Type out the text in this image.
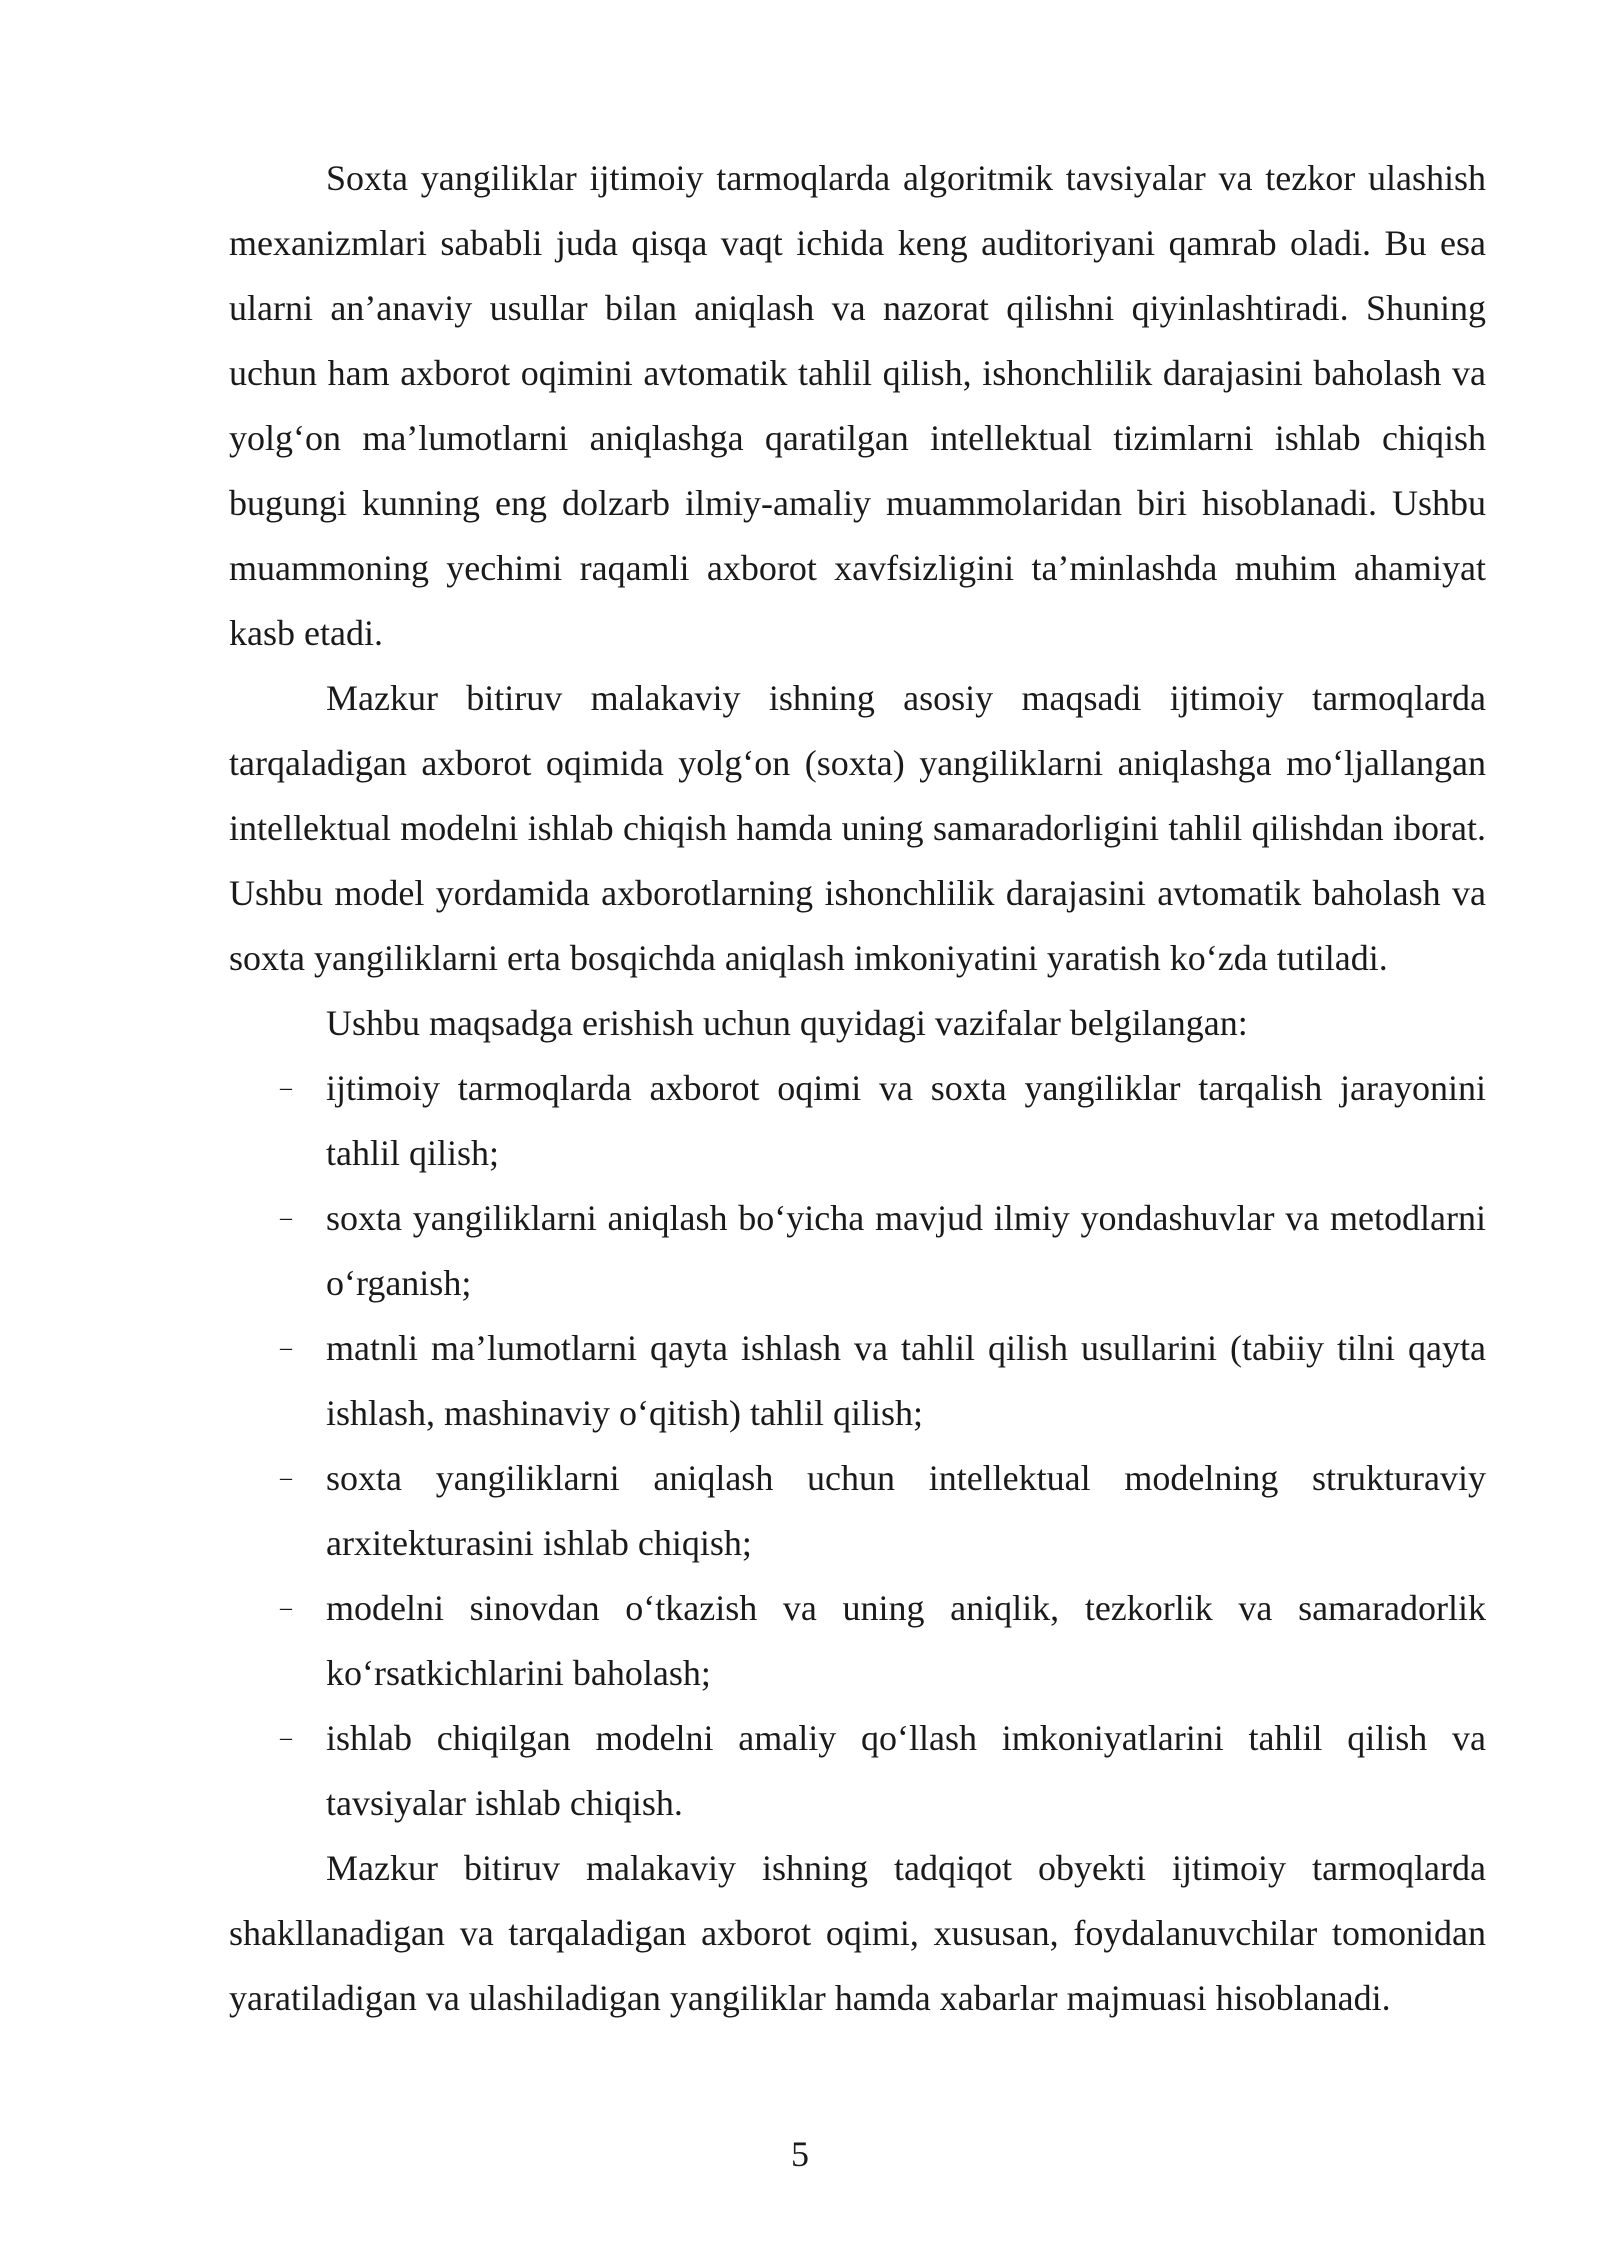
Soxta yangiliklar ijtimoiy tarmoqlarda algoritmik tavsiyalar va tezkor ulashish mexanizmlari sababli juda qisqa vaqt ichida keng auditoriyani qamrab oladi. Bu esa ularni an’anaviy usullar bilan aniqlash va nazorat qilishni qiyinlashtiradi. Shuning uchun ham axborot oqimini avtomatik tahlil qilish, ishonchlilik darajasini baholash va yolg‘on ma’lumotlarni aniqlashga qaratilgan intellektual tizimlarni ishlab chiqish bugungi kunning eng dolzarb ilmiy-amaliy muammolaridan biri hisoblanadi. Ushbu muammoning yechimi raqamli axborot xavfsizligini ta’minlashda muhim ahamiyat kasb etadi.

Mazkur bitiruv malakaviy ishning asosiy maqsadi ijtimoiy tarmoqlarda tarqaladigan axborot oqimida yolg‘on (soxta) yangiliklarni aniqlashga mo‘ljallangan intellektual modelni ishlab chiqish hamda uning samaradorligini tahlil qilishdan iborat. Ushbu model yordamida axborotlarning ishonchlilik darajasini avtomatik baholash va soxta yangiliklarni erta bosqichda aniqlash imkoniyatini yaratish ko‘zda tutiladi.

Ushbu maqsadga erishish uchun quyidagi vazifalar belgilangan:

– ijtimoiy tarmoqlarda axborot oqimi va soxta yangiliklar tarqalish jarayonini tahlil qilish;
– soxta yangiliklarni aniqlash bo‘yicha mavjud ilmiy yondashuvlar va metodlarni o‘rganish;
– matnli ma’lumotlarni qayta ishlash va tahlil qilish usullarini (tabiiy tilni qayta ishlash, mashinaviy o‘qitish) tahlil qilish;
– soxta yangiliklarni aniqlash uchun intellektual modelning strukturaviy arxitekturasini ishlab chiqish;
– modelni sinovdan o‘tkazish va uning aniqlik, tezkorlik va samaradorlik ko‘rsatkichlarini baholash;
– ishlab chiqilgan modelni amaliy qo‘llash imkoniyatlarini tahlil qilish va tavsiyalar ishlab chiqish.

Mazkur bitiruv malakaviy ishning tadqiqot obyekti ijtimoiy tarmoqlarda shakllanadigan va tarqaladigan axborot oqimi, xususan, foydalanuvchilar tomonidan yaratiladigan va ulashiladigan yangiliklar hamda xabarlar majmuasi hisoblanadi.

5
